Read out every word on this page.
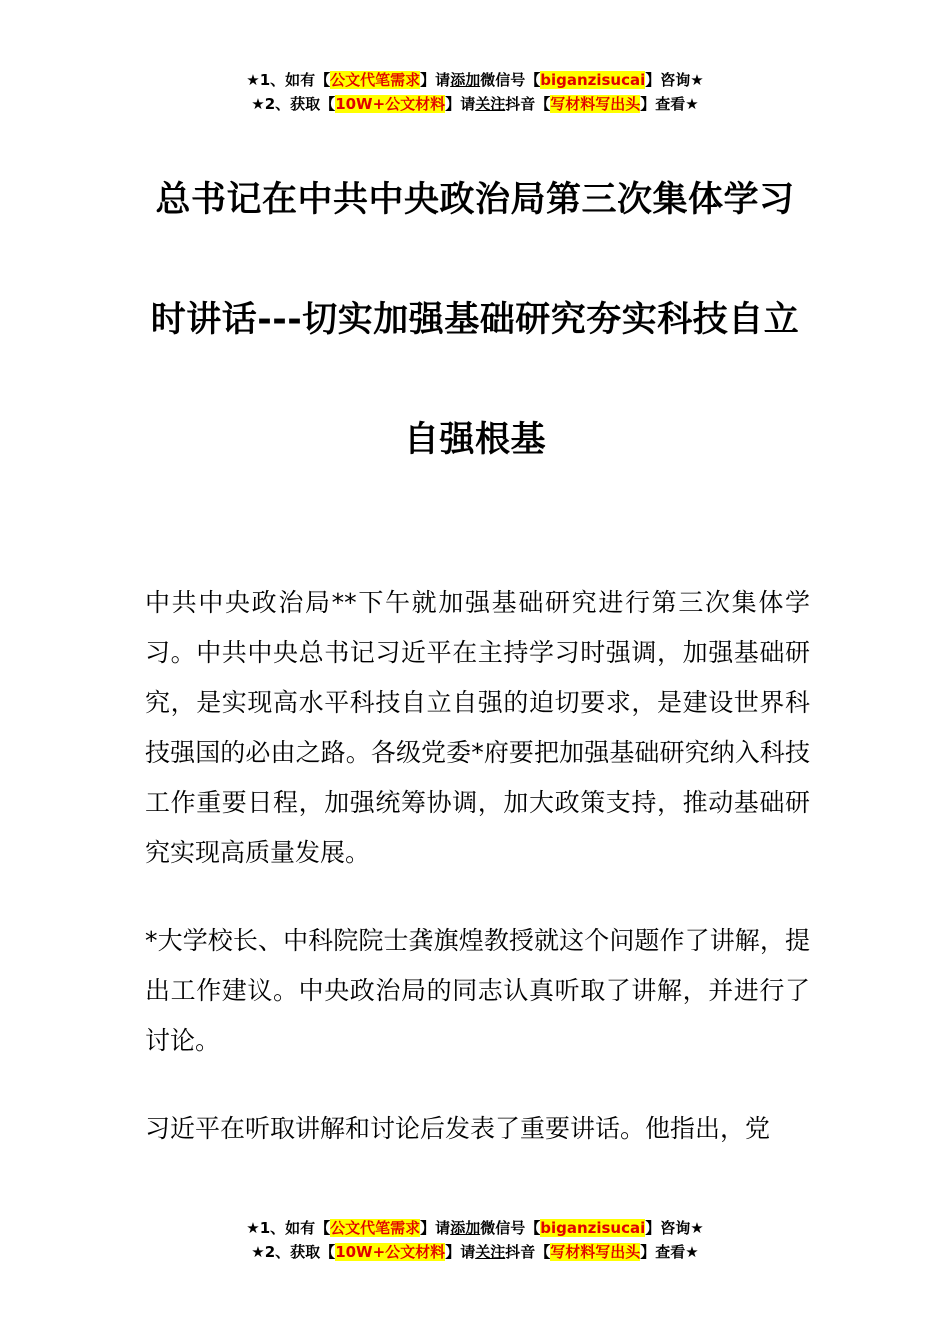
★1、如有【公文代笔需求】请添加微信号【biganzisucai】咨询★
★2、获取【10W+公文材料】请关注抖音【写材料写出头】查看★
总书记在中共中央政治局第三次集体学习
时讲话---切实加强基础研究夯实科技自立
自强根基

中共中央政治局**下午就加强基础研究进行第三次集体学习。中共中央总书记习近平在主持学习时强调，加强基础研究，是实现高水平科技自立自强的迫切要求，是建设世界科技强国的必由之路。各级党委*府要把加强基础研究纳入科技工作重要日程，加强统筹协调，加大政策支持，推动基础研究实现高质量发展。

*大学校长、中科院院士龚旗煌教授就这个问题作了讲解，提出工作建议。中央政治局的同志认真听取了讲解，并进行了讨论。

习近平在听取讲解和讨论后发表了重要讲话。他指出，党

★1、如有【公文代笔需求】请添加微信号【biganzisucai】咨询★
★2、获取【10W+公文材料】请关注抖音【写材料写出头】查看★
